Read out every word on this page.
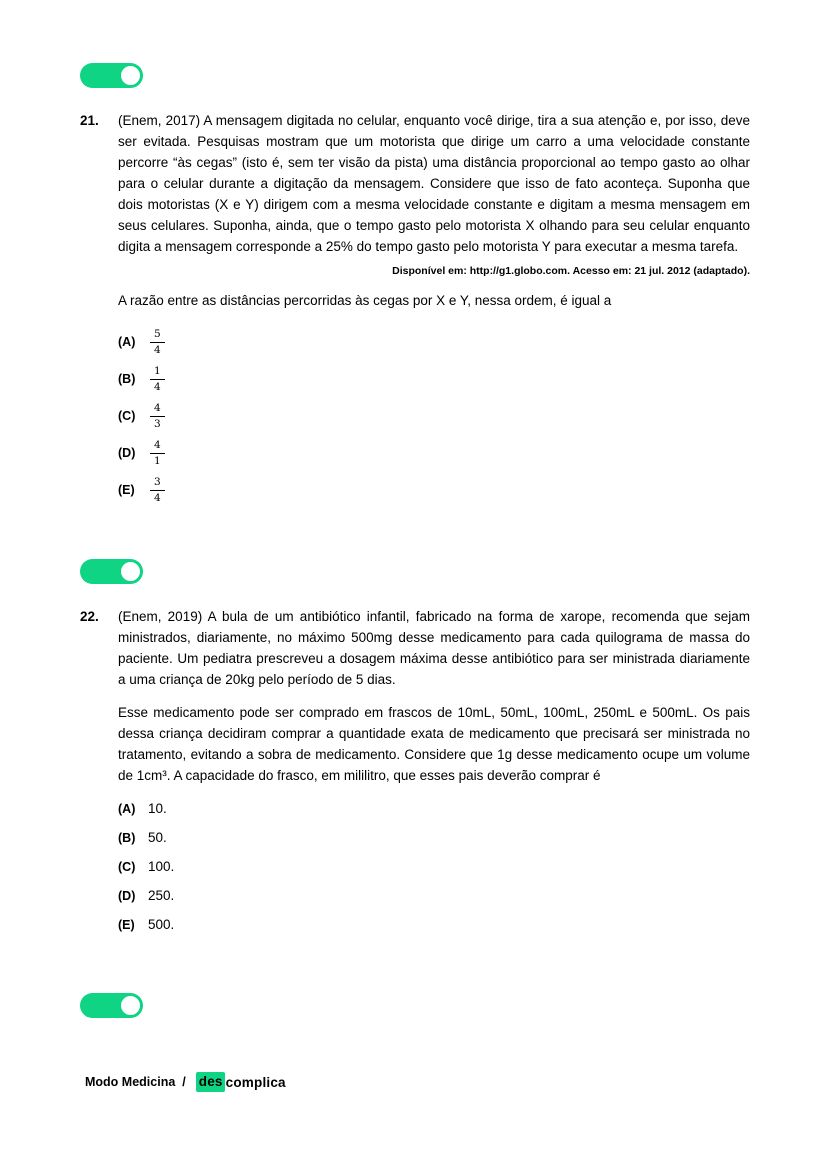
21.	(Enem, 2017) A mensagem digitada no celular, enquanto você dirige, tira a sua atenção e, por isso, deve ser evitada. Pesquisas mostram que um motorista que dirige um carro a uma velocidade constante percorre “às cegas” (isto é, sem ter visão da pista) uma distância proporcional ao tempo gasto ao olhar para o celular durante a digitação da mensagem. Considere que isso de fato aconteça. Suponha que dois motoristas (X e Y) dirigem com a mesma velocidade constante e digitam a mesma mensagem em seus celulares. Suponha, ainda, que o tempo gasto pelo motorista X olhando para seu celular enquanto digita a mensagem corresponde a 25% do tempo gasto pelo motorista Y para executar a mesma tarefa.

Disponível em: http://g1.globo.com. Acesso em: 21 jul. 2012 (adaptado).

A razão entre as distâncias percorridas às cegas por X e Y, nessa ordem, é igual a

(A)	$\frac{5}{4}$
(B)	$\frac{1}{4}$
(C)	$\frac{4}{3}$
(D)	$\frac{4}{1}$
(E)	$\frac{3}{4}$
22.	(Enem, 2019) A bula de um antibiótico infantil, fabricado na forma de xarope, recomenda que sejam ministrados, diariamente, no máximo 500mg desse medicamento para cada quilograma de massa do paciente. Um pediatra prescreveu a dosagem máxima desse antibiótico para ser ministrada diariamente a uma criança de 20kg pelo período de 5 dias.

Esse medicamento pode ser comprado em frascos de 10mL, 50mL, 100mL, 250mL e 500mL. Os pais dessa criança decidiram comprar a quantidade exata de medicamento que precisará ser ministrada no tratamento, evitando a sobra de medicamento. Considere que 1g desse medicamento ocupe um volume de 1cm³. A capacidade do frasco, em mililitro, que esses pais deverão comprar é

(A) 10.
(B) 50.
(C) 100.
(D) 250.
(E) 500.
Modo Medicina / des complica
